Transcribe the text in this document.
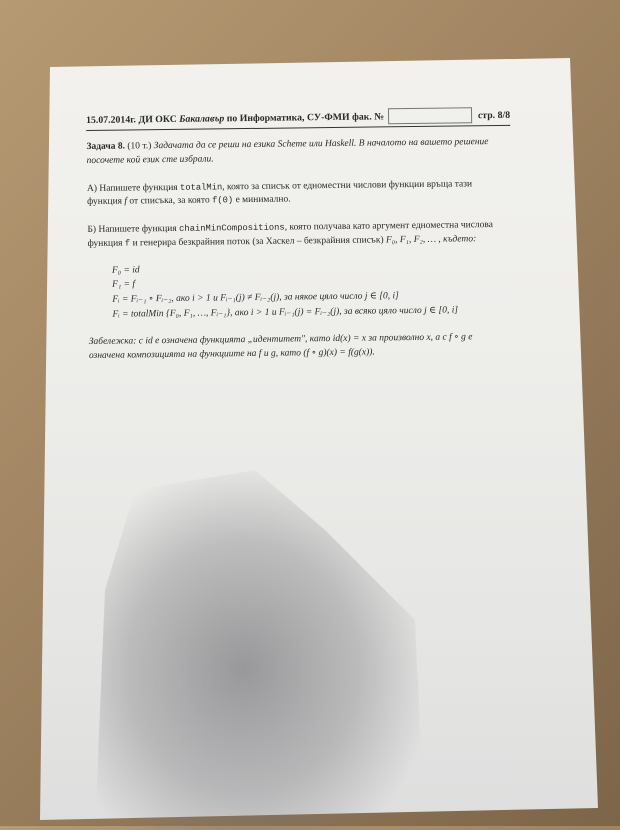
15.07.2014г. ДИ ОКС
Бакалавър
по Информатика, СУ-ФМИ фак. №	стр. 8/8

Задача 8. (10 т.) Задачата да се реши на езика Scheme или Haskell. В началото на вашето решение посочете кой език сте избрали.

А) Напишете функция totalMin, която за списък от едноместни числови функции връща тази функция f от списъка, за която f(0) е минимално.

Б) Напишете функция chainMinCompositions, която получава като аргумент едноместна числова функция f и генерира безкрайния поток (за Хаскел – безкрайния списък) F₀, F₁, F₂, … , където:

F₀ = id
F₁ = f
Fᵢ = Fᵢ₋₁ ∘ Fᵢ₋₂, ако i > 1 и Fᵢ₋₁(j) ≠ Fᵢ₋₂(j), за някое цяло число j ∈ [0, i]
Fᵢ = totalMin {F₀, F₁, …, Fᵢ₋₁}, ако i > 1 и Fᵢ₋₁(j) = Fᵢ₋₂(j), за всяко цяло число j ∈ [0, i]

Забележка: с id е означена функцията „идентитет", като id(x) = x за произволно x, а с f ∘ g е означена композицията на функциите на f и g, като (f ∘ g)(x) = f(g(x)).
